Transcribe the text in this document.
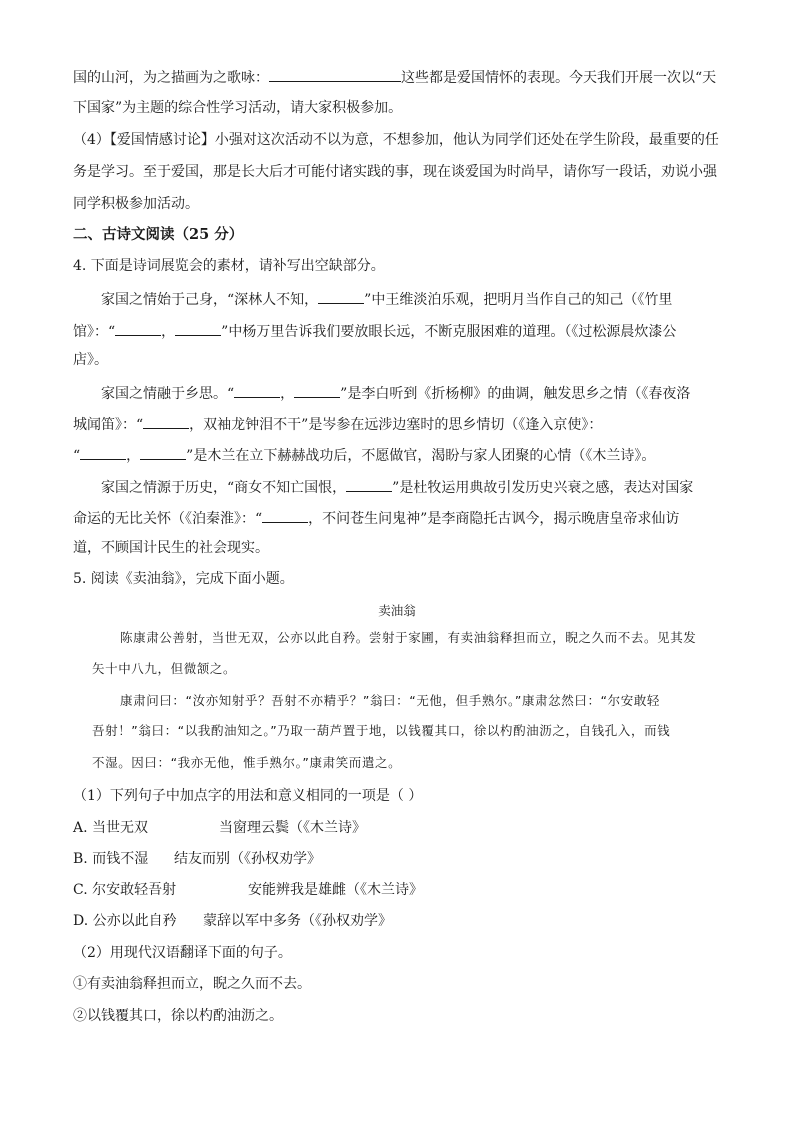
国的山河，为之描画为之歌咏：	这些都是爱国情怀的表现。今天我们开展一次以“天
下国家”为主题的综合性学习活动，请大家积极参加。
（4）【爱国情感讨论】小强对这次活动不以为意，不想参加，他认为同学们还处在学生阶段，最重要的任
务是学习。至于爱国，那是长大后才可能付诸实践的事，现在谈爱国为时尚早，请你写一段话，劝说小强
同学积极参加活动。
二、古诗文阅读（25 分）
4. 下面是诗词展览会的素材，请补写出空缺部分。
家国之情始于己身，“深林人不知，	”中王维淡泊乐观，把明月当作自己的知己（《竹里
馆》：“	，	”中杨万里告诉我们要放眼长远，不断克服困难的道理。（《过松源晨炊漆公
店》。
家国之情融于乡思。“	，	”是李白听到《折杨柳》的曲调，触发思乡之情（《春夜洛
城闻笛》：“	，双袖龙钟泪不干”是岑参在远涉边塞时的思乡情切（《逢入京使》：
“	，	”是木兰在立下赫赫战功后，不愿做官，渴盼与家人团聚的心情（《木兰诗》。
家国之情源于历史，“商女不知亡国恨，	”是杜牧运用典故引发历史兴衰之感，表达对国家
命运的无比关怀（《泊秦淮》：“	，不问苍生问鬼神”是李商隐托古讽今，揭示晚唐皇帝求仙访
道，不顾国计民生的社会现实。
5. 阅读《卖油翁》，完成下面小题。
卖油翁
陈康肃公善射，当世无双，公亦以此自矜。尝射于家圃，有卖油翁释担而立，睨之久而不去。见其发
矢十中八九，但微颔之。
康肃问曰：“汝亦知射乎？吾射不亦精乎？”翁曰：“无他，但手熟尔。”康肃忿然曰：“尔安敢轻
吾射！”翁曰：“以我酌油知之。”乃取一葫芦置于地，以钱覆其口，徐以杓酌油沥之，自钱孔入，而钱
不湿。因曰：“我亦无他，惟手熟尔。”康肃笑而遣之。
（1）下列句子中加点字的用法和意义相同的一项是（ ）
A. 当世无双	当窗理云鬓（《木兰诗》
B. 而钱不湿 结友而别（《孙权劝学》
C. 尔安敢轻吾射	安能辨我是雄雌（《木兰诗》
D. 公亦以此自矜 蒙辞以军中多务（《孙权劝学》
（2）用现代汉语翻译下面的句子。
①有卖油翁释担而立，睨之久而不去。
②以钱覆其口，徐以杓酌油沥之。
